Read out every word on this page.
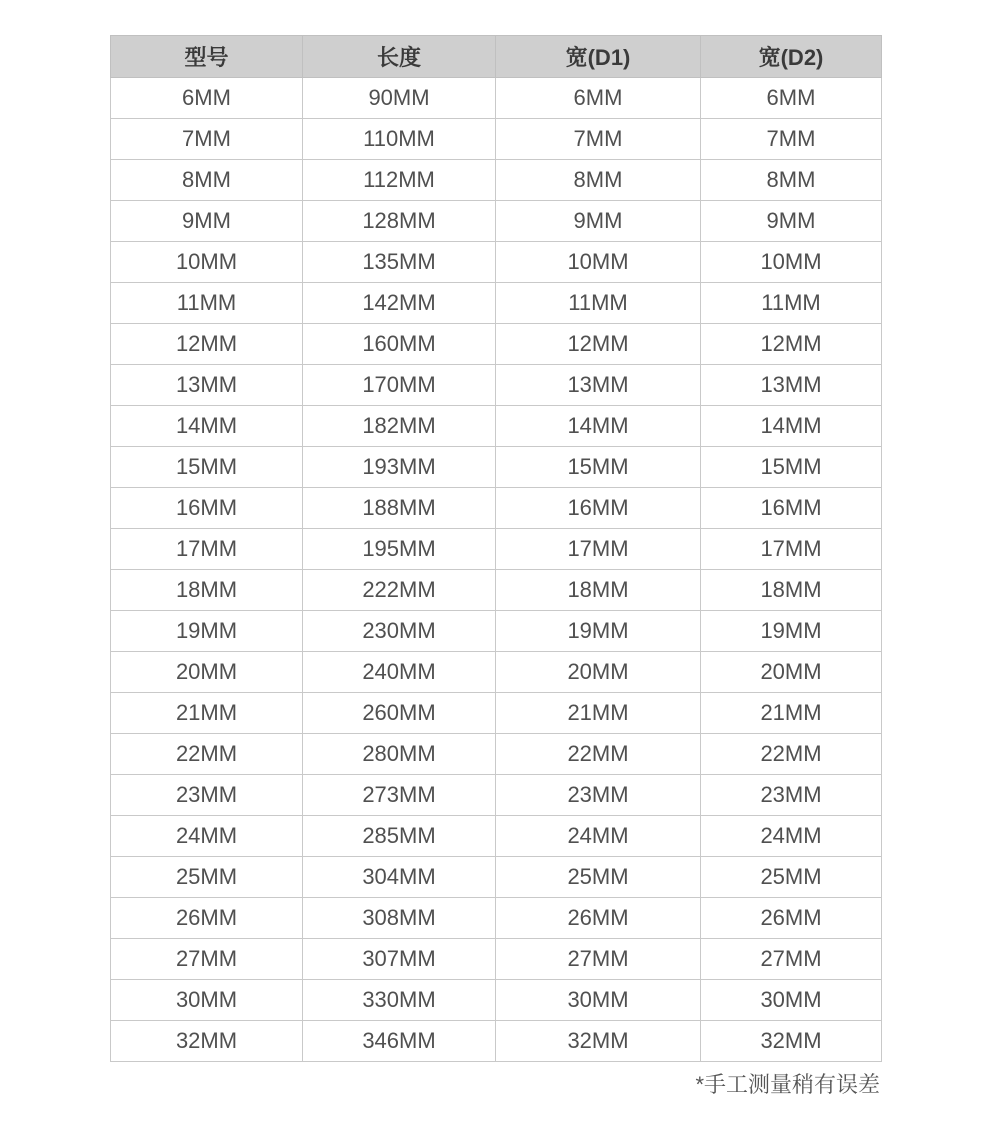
型号	长度	宽(D1)	宽(D2)
6MM	90MM	6MM	6MM
7MM	110MM	7MM	7MM
8MM	112MM	8MM	8MM
9MM	128MM	9MM	9MM
10MM	135MM	10MM	10MM
11MM	142MM	11MM	11MM
12MM	160MM	12MM	12MM
13MM	170MM	13MM	13MM
14MM	182MM	14MM	14MM
15MM	193MM	15MM	15MM
16MM	188MM	16MM	16MM
17MM	195MM	17MM	17MM
18MM	222MM	18MM	18MM
19MM	230MM	19MM	19MM
20MM	240MM	20MM	20MM
21MM	260MM	21MM	21MM
22MM	280MM	22MM	22MM
23MM	273MM	23MM	23MM
24MM	285MM	24MM	24MM
25MM	304MM	25MM	25MM
26MM	308MM	26MM	26MM
27MM	307MM	27MM	27MM
30MM	330MM	30MM	30MM
32MM	346MM	32MM	32MM
*手工测量稍有误差
